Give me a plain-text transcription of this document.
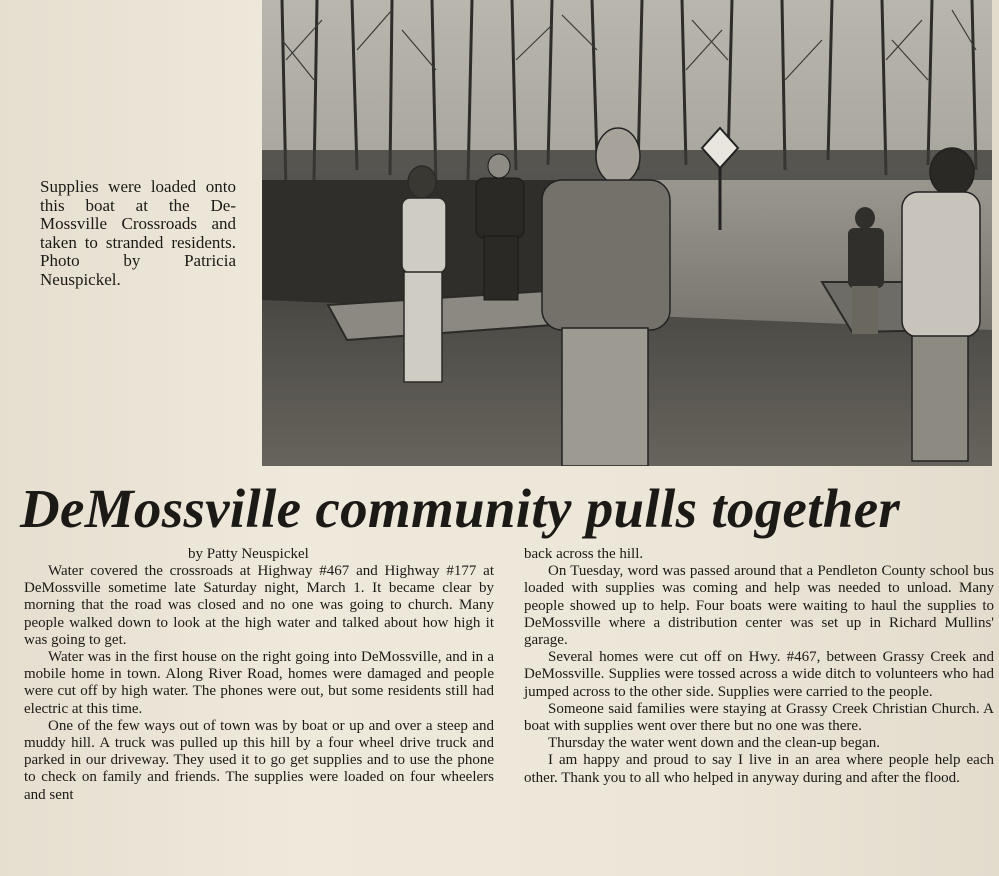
Supplies were loaded onto this boat at the De-Mossville Crossroads and taken to stranded residents. Photo by Patricia Neuspickel.

DeMossville community pulls together

by Patty Neuspickel

Water covered the crossroads at Highway #467 and Highway #177 at DeMossville sometime late Saturday night, March 1. It became clear by morning that the road was closed and no one was going to church. Many people walked down to look at the high water and talked about how high it was going to get.

Water was in the first house on the right going into DeMossville, and in a mobile home in town. Along River Road, homes were damaged and people were cut off by high water. The phones were out, but some residents still had electric at this time.

One of the few ways out of town was by boat or up and over a steep and muddy hill. A truck was pulled up this hill by a four wheel drive truck and parked in our driveway. They used it to go get supplies and to use the phone to check on family and friends. The supplies were loaded on four wheelers and sent

back across the hill.

On Tuesday, word was passed around that a Pendleton County school bus loaded with supplies was coming and help was needed to unload. Many people showed up to help. Four boats were waiting to haul the supplies to DeMossville where a distribution center was set up in Richard Mullins' garage.

Several homes were cut off on Hwy. #467, between Grassy Creek and DeMossville. Supplies were tossed across a wide ditch to volunteers who had jumped across to the other side. Supplies were carried to the people.

Someone said families were staying at Grassy Creek Christian Church. A boat with supplies went over there but no one was there.

Thursday the water went down and the clean-up began.

I am happy and proud to say I live in an area where people help each other. Thank you to all who helped in anyway during and after the flood.
